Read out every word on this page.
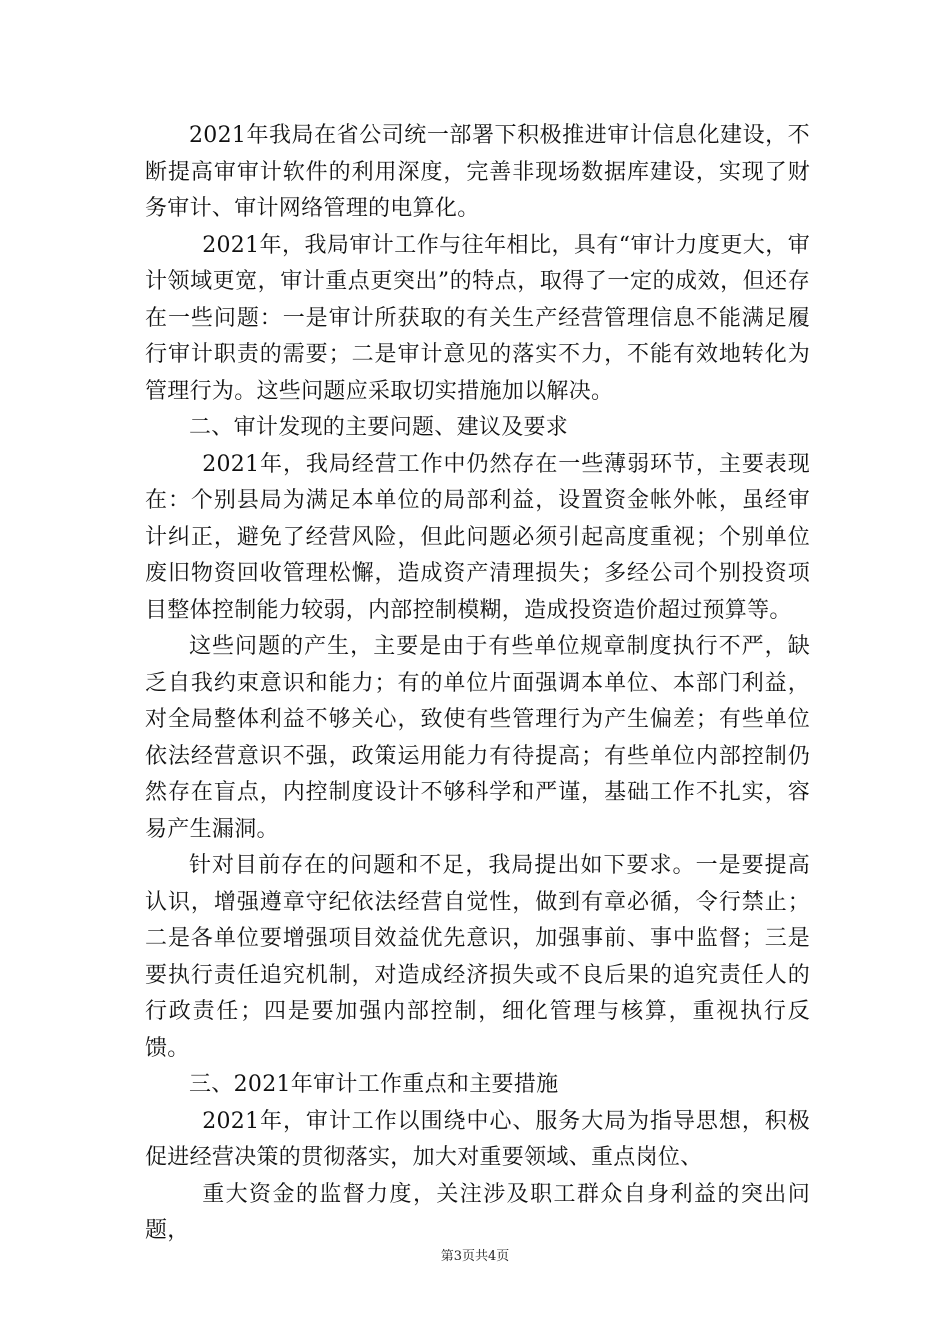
2021年我局在省公司统一部署下积极推进审计信息化建设，不断提高审审计软件的利用深度，完善非现场数据库建设，实现了财务审计、审计网络管理的电算化。

2021年，我局审计工作与往年相比，具有“审计力度更大，审计领域更宽，审计重点更突出”的特点，取得了一定的成效，但还存在一些问题：一是审计所获取的有关生产经营管理信息不能满足履行审计职责的需要；二是审计意见的落实不力，不能有效地转化为管理行为。这些问题应采取切实措施加以解决。

二、审计发现的主要问题、建议及要求

2021年，我局经营工作中仍然存在一些薄弱环节，主要表现在：个别县局为满足本单位的局部利益，设置资金帐外帐，虽经审计纠正，避免了经营风险，但此问题必须引起高度重视；个别单位废旧物资回收管理松懈，造成资产清理损失；多经公司个别投资项目整体控制能力较弱，内部控制模糊，造成投资造价超过预算等。

这些问题的产生，主要是由于有些单位规章制度执行不严，缺乏自我约束意识和能力；有的单位片面强调本单位、本部门利益，对全局整体利益不够关心，致使有些管理行为产生偏差；有些单位依法经营意识不强，政策运用能力有待提高；有些单位内部控制仍然存在盲点，内控制度设计不够科学和严谨，基础工作不扎实，容易产生漏洞。

针对目前存在的问题和不足，我局提出如下要求。一是要提高认识，增强遵章守纪依法经营自觉性，做到有章必循，令行禁止；二是各单位要增强项目效益优先意识，加强事前、事中监督；三是要执行责任追究机制，对造成经济损失或不良后果的追究责任人的行政责任；四是要加强内部控制，细化管理与核算，重视执行反馈。

三、2021年审计工作重点和主要措施

2021年，审计工作以围绕中心、服务大局为指导思想，积极促进经营决策的贯彻落实，加大对重要领域、重点岗位、

重大资金的监督力度，关注涉及职工群众自身利益的突出问题，

第3页共4页
